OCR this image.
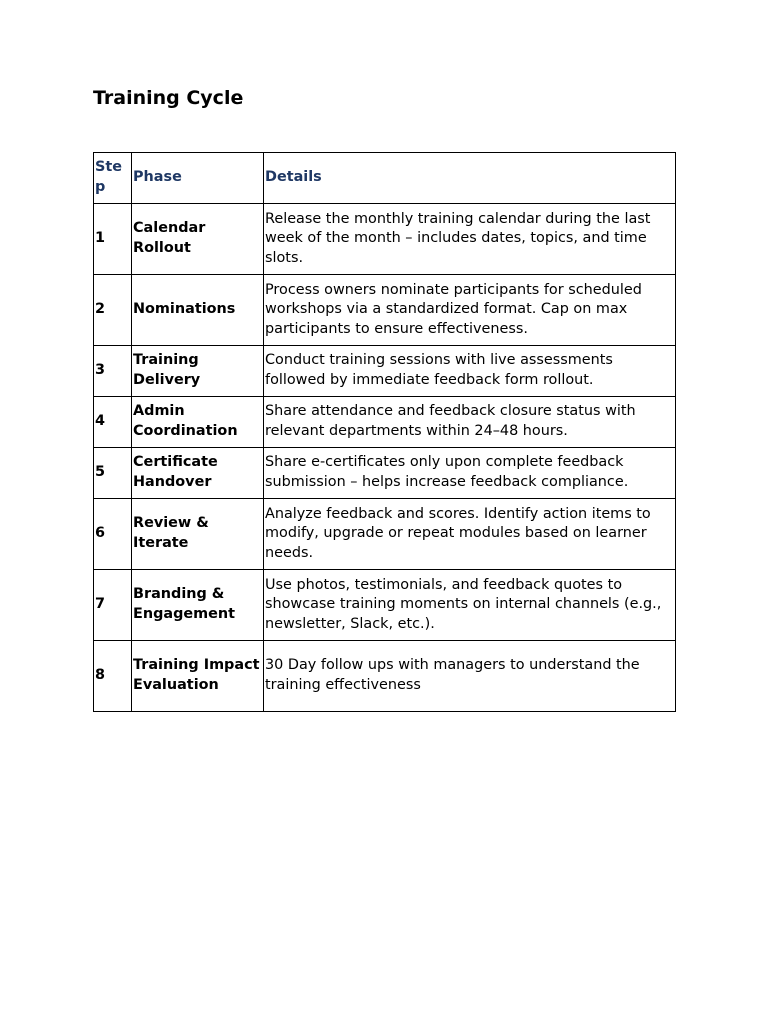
Training Cycle
Step	Phase	Details
1	Calendar Rollout	Release the monthly training calendar during the last week of the month – includes dates, topics, and time slots.
2	Nominations	Process owners nominate participants for scheduled workshops via a standardized format. Cap on max participants to ensure effectiveness.
3	Training Delivery	Conduct training sessions with live assessments followed by immediate feedback form rollout.
4	Admin Coordination	Share attendance and feedback closure status with relevant departments within 24–48 hours.
5	Certificate Handover	Share e-certificates only upon complete feedback submission – helps increase feedback compliance.
6	Review & Iterate	Analyze feedback and scores. Identify action items to modify, upgrade or repeat modules based on learner needs.
7	Branding & Engagement	Use photos, testimonials, and feedback quotes to showcase training moments on internal channels (e.g., newsletter, Slack, etc.).
8	Training Impact Evaluation	30 Day follow ups with managers to understand the training effectiveness
